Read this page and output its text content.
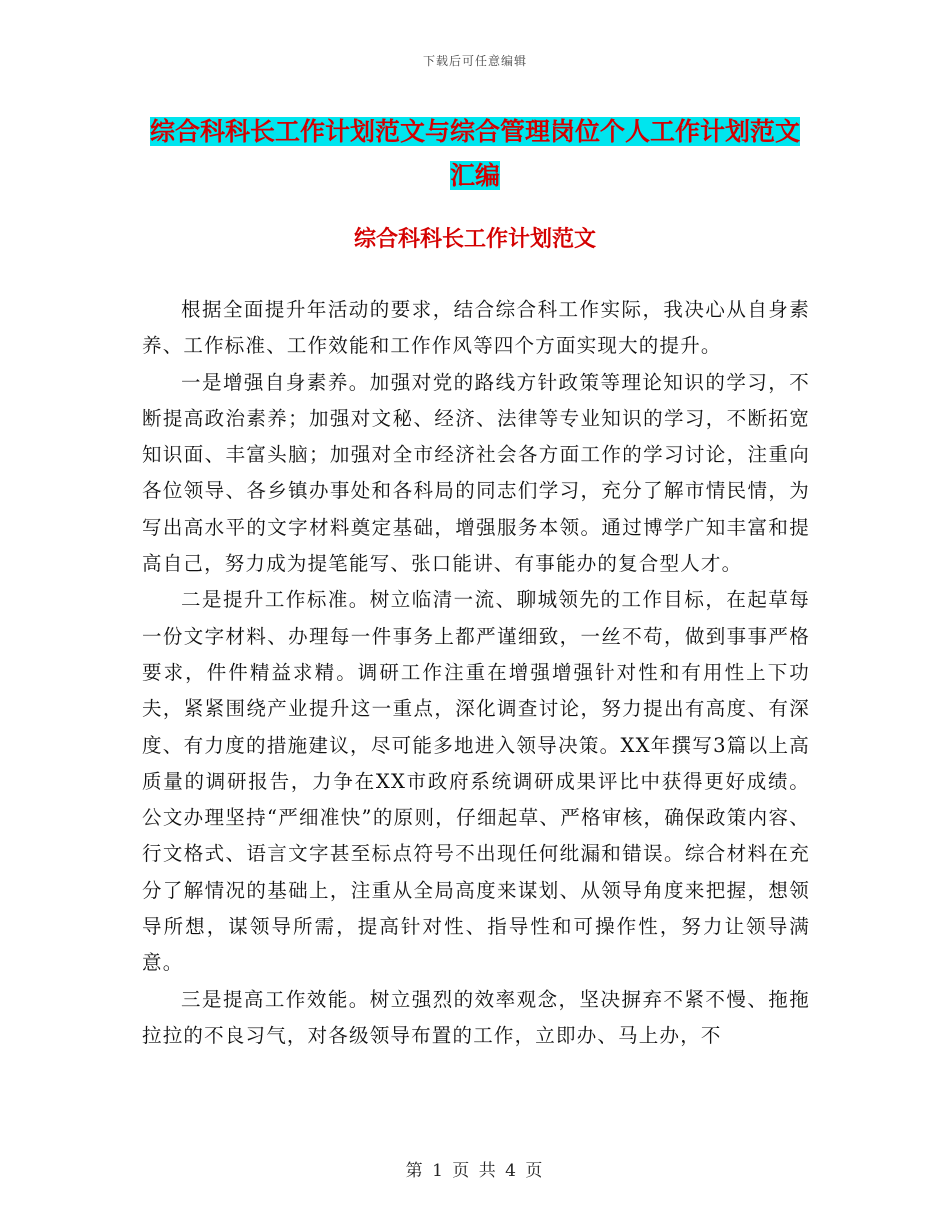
下载后可任意编辑
综合科科长工作计划范文与综合管理岗位个人工作计划范文汇编
综合科科长工作计划范文

根据全面提升年活动的要求，结合综合科工作实际，我决心从自身素养、工作标准、工作效能和工作作风等四个方面实现大的提升。

一是增强自身素养。加强对党的路线方针政策等理论知识的学习，不断提高政治素养；加强对文秘、经济、法律等专业知识的学习，不断拓宽知识面、丰富头脑；加强对全市经济社会各方面工作的学习讨论，注重向各位领导、各乡镇办事处和各科局的同志们学习，充分了解市情民情，为写出高水平的文字材料奠定基础，增强服务本领。通过博学广知丰富和提高自己，努力成为提笔能写、张口能讲、有事能办的复合型人才。

二是提升工作标准。树立临清一流、聊城领先的工作目标，在起草每一份文字材料、办理每一件事务上都严谨细致，一丝不苟，做到事事严格要求，件件精益求精。调研工作注重在增强增强针对性和有用性上下功夫，紧紧围绕产业提升这一重点，深化调查讨论，努力提出有高度、有深度、有力度的措施建议，尽可能多地进入领导决策。XX年撰写3篇以上高质量的调研报告，力争在XX市政府系统调研成果评比中获得更好成绩。公文办理坚持“严细准快”的原则，仔细起草、严格审核，确保政策内容、行文格式、语言文字甚至标点符号不出现任何纰漏和错误。综合材料在充分了解情况的基础上，注重从全局高度来谋划、从领导角度来把握，想领导所想，谋领导所需，提高针对性、指导性和可操作性，努力让领导满意。

三是提高工作效能。树立强烈的效率观念，坚决摒弃不紧不慢、拖拖拉拉的不良习气，对各级领导布置的工作，立即办、马上办，不

第 1 页 共 4 页
